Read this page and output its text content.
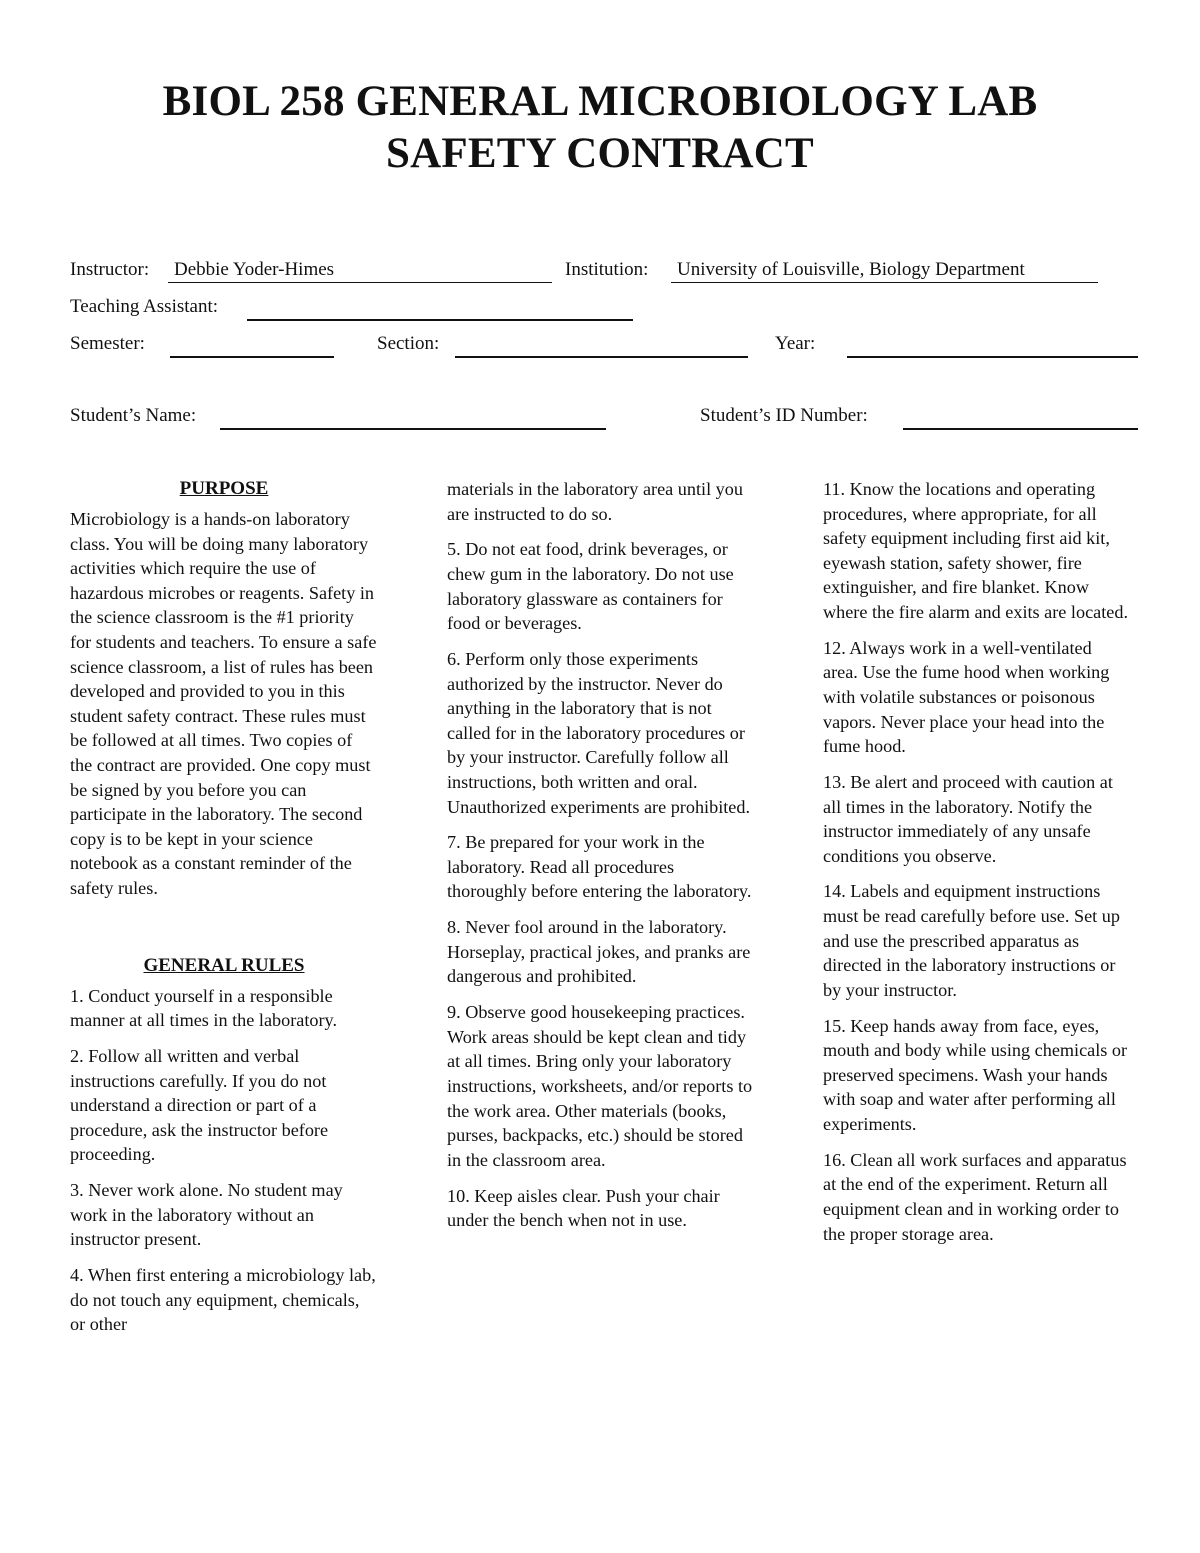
BIOL 258 GENERAL MICROBIOLOGY LAB
SAFETY CONTRACT
Instructor:	Debbie Yoder-Himes	Institution:	University of Louisville, Biology Department
Teaching Assistant:
Semester:	Section:	Year:
Student’s Name:	Student’s ID Number:
PURPOSE

Microbiology is a hands-on laboratory class. You will be doing many laboratory activities which require the use of hazardous microbes or reagents. Safety in the science classroom is the #1 priority for students and teachers. To ensure a safe science classroom, a list of rules has been developed and provided to you in this student safety contract. These rules must be followed at all times. Two copies of the contract are provided. One copy must be signed by you before you can participate in the laboratory. The second copy is to be kept in your science notebook as a constant reminder of the safety rules.

GENERAL RULES

1. Conduct yourself in a responsible manner at all times in the laboratory.

2. Follow all written and verbal instructions carefully. If you do not understand a direction or part of a procedure, ask the instructor before proceeding.

3. Never work alone. No student may work in the laboratory without an instructor present.

4. When first entering a microbiology lab, do not touch any equipment, chemicals, or other

materials in the laboratory area until you are instructed to do so.

5. Do not eat food, drink beverages, or chew gum in the laboratory. Do not use laboratory glassware as containers for food or beverages.

6. Perform only those experiments authorized by the instructor. Never do anything in the laboratory that is not called for in the laboratory procedures or by your instructor. Carefully follow all instructions, both written and oral. Unauthorized experiments are prohibited.

7. Be prepared for your work in the laboratory. Read all procedures thoroughly before entering the laboratory.

8. Never fool around in the laboratory. Horseplay, practical jokes, and pranks are dangerous and prohibited.

9. Observe good housekeeping practices. Work areas should be kept clean and tidy at all times. Bring only your laboratory instructions, worksheets, and/or reports to the work area. Other materials (books, purses, backpacks, etc.) should be stored in the classroom area.

10. Keep aisles clear. Push your chair under the bench when not in use.

11. Know the locations and operating procedures, where appropriate, for all safety equipment including first aid kit, eyewash station, safety shower, fire extinguisher, and fire blanket. Know where the fire alarm and exits are located.

12. Always work in a well-ventilated area. Use the fume hood when working with volatile substances or poisonous vapors. Never place your head into the fume hood.

13. Be alert and proceed with caution at all times in the laboratory. Notify the instructor immediately of any unsafe conditions you observe.

14. Labels and equipment instructions must be read carefully before use. Set up and use the prescribed apparatus as directed in the laboratory instructions or by your instructor.

15. Keep hands away from face, eyes, mouth and body while using chemicals or preserved specimens. Wash your hands with soap and water after performing all experiments.

16. Clean all work surfaces and apparatus at the end of the experiment. Return all equipment clean and in working order to the proper storage area.
